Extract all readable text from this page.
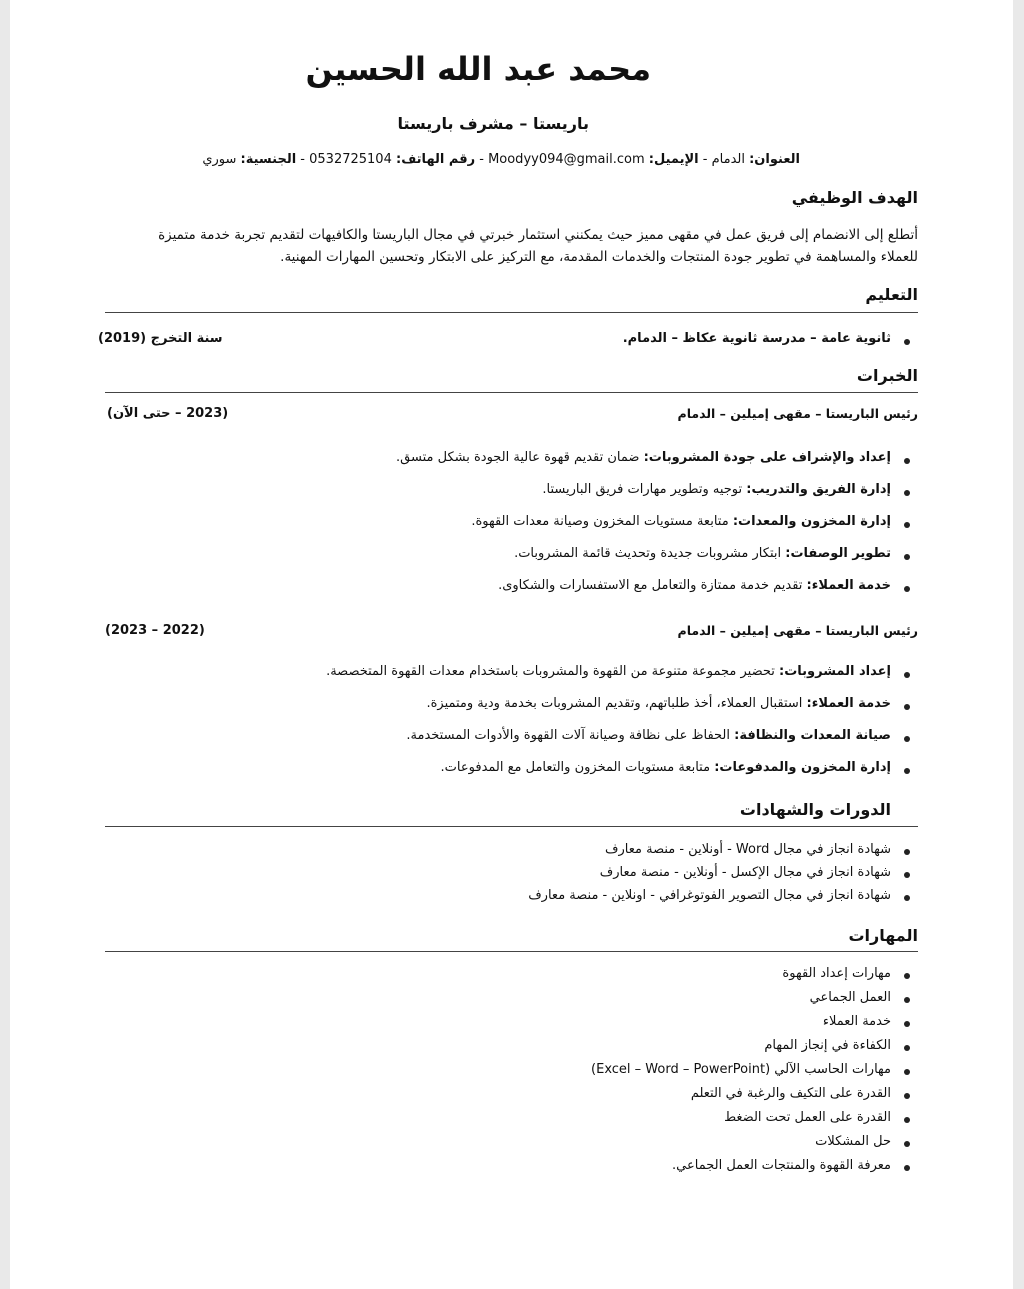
محمد عبد الله الحسين
باريستا – مشرف باريستا
العنوان: الدمام - الإيميل: Moodyy094@gmail.com - رقم الهاتف: 0532725104 - الجنسية: سوري
الهدف الوظيفي

أتطلع إلى الانضمام إلى فريق عمل في مقهى مميز حيث يمكنني استثمار خبرتي في مجال الباريستا والكافيهات لتقديم تجربة خدمة متميزة

للعملاء والمساهمة في تطوير جودة المنتجات والخدمات المقدمة، مع التركيز على الابتكار وتحسين المهارات المهنية.

التعليم
ثانوية عامة – مدرسة ثانوية عكاظ – الدمام.
سنة التخرج (2019)
الخبرات
رئيس الباريستا – مقهى إميلين – الدمام
(2023 – حتى الآن)
إعداد والإشراف على جودة المشروبات: ضمان تقديم قهوة عالية الجودة بشكل متسق.
إدارة الفريق والتدريب: توجيه وتطوير مهارات فريق الباريستا.
إدارة المخزون والمعدات: متابعة مستويات المخزون وصيانة معدات القهوة.
تطوير الوصفات: ابتكار مشروبات جديدة وتحديث قائمة المشروبات.
خدمة العملاء: تقديم خدمة ممتازة والتعامل مع الاستفسارات والشكاوى.
رئيس الباريستا – مقهى إميلين – الدمام
(2022 – 2023)
إعداد المشروبات: تحضير مجموعة متنوعة من القهوة والمشروبات باستخدام معدات القهوة المتخصصة.
خدمة العملاء: استقبال العملاء، أخذ طلباتهم، وتقديم المشروبات بخدمة ودية ومتميزة.
صيانة المعدات والنظافة: الحفاظ على نظافة وصيانة آلات القهوة والأدوات المستخدمة.
إدارة المخزون والمدفوعات: متابعة مستويات المخزون والتعامل مع المدفوعات.
الدورات والشهادات
شهادة انجاز في مجال Word - أونلاين - منصة معارف
شهادة انجاز في مجال الإكسل - أونلاين - منصة معارف
شهادة انجاز في مجال التصوير الفوتوغرافي - اونلاين - منصة معارف
المهارات
مهارات إعداد القهوة
العمل الجماعي
خدمة العملاء
الكفاءة في إنجاز المهام
مهارات الحاسب الآلي (Excel – Word – PowerPoint)
القدرة على التكيف والرغبة في التعلم
القدرة على العمل تحت الضغط
حل المشكلات
معرفة القهوة والمنتجات العمل الجماعي.
